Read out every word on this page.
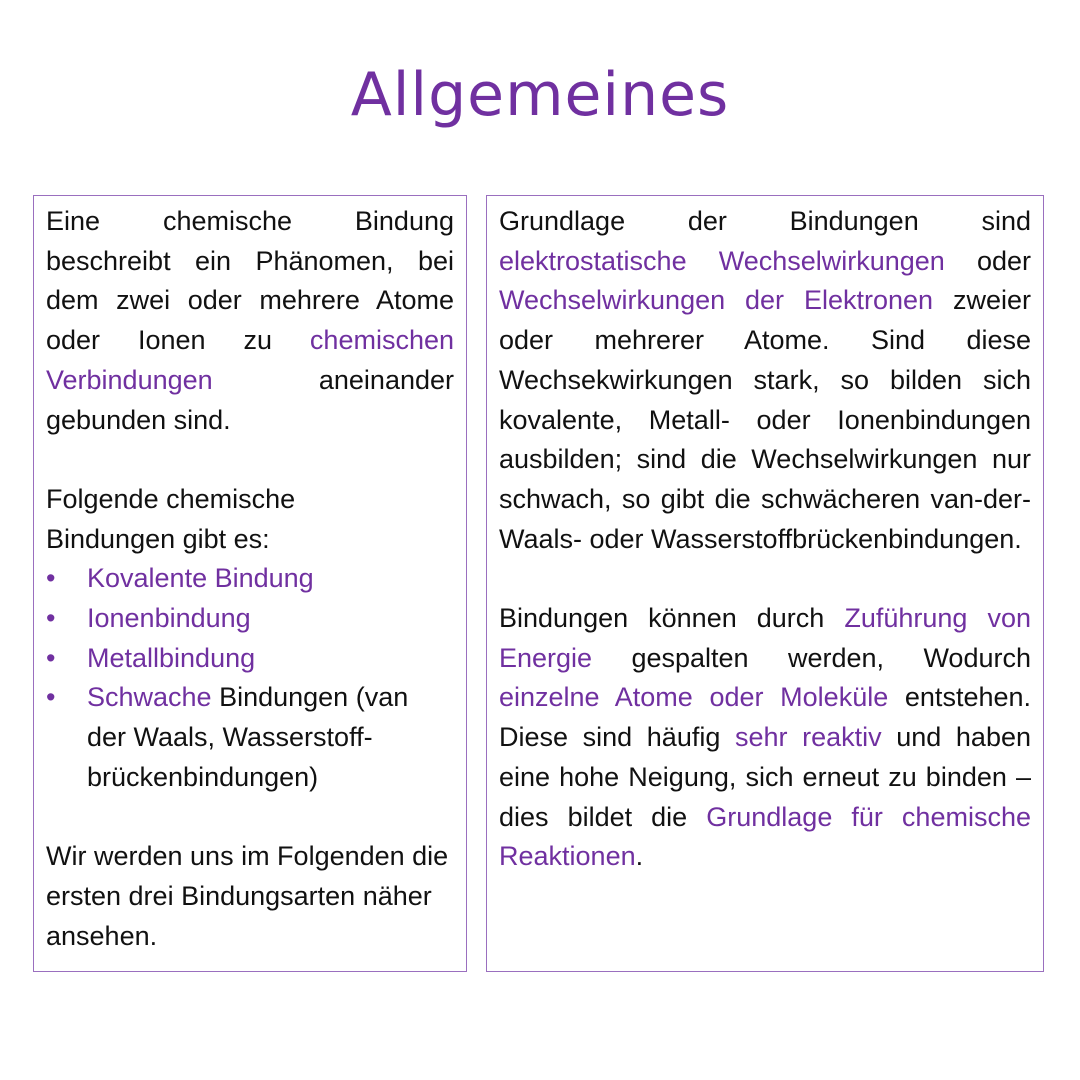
Allgemeines

Eine chemische Bindung beschreibt ein Phänomen, bei dem zwei oder mehrere Atome oder Ionen zu chemischen Verbindungen aneinander gebunden sind.

Folgende chemische Bindungen gibt es:

• Kovalente Bindung
• Ionenbindung
• Metallbindung
• Schwache Bindungen (van der Waals, Wasserstoff-brückenbindungen)

Wir werden uns im Folgenden die ersten drei Bindungsarten näher ansehen.

Grundlage der Bindungen sind elektrostatische Wechselwirkungen oder Wechselwirkungen der Elektronen zweier oder mehrerer Atome. Sind diese Wechsekwirkungen stark, so bilden sich kovalente, Metall- oder Ionenbindungen ausbilden; sind die Wechselwirkungen nur schwach, so gibt die schwächeren van-der-Waals- oder Wasserstoffbrückenbindungen.

Bindungen können durch Zuführung von Energie gespalten werden, Wodurch einzelne Atome oder Moleküle entstehen. Diese sind häufig sehr reaktiv und haben eine hohe Neigung, sich erneut zu binden – dies bildet die Grundlage für chemische Reaktionen.
